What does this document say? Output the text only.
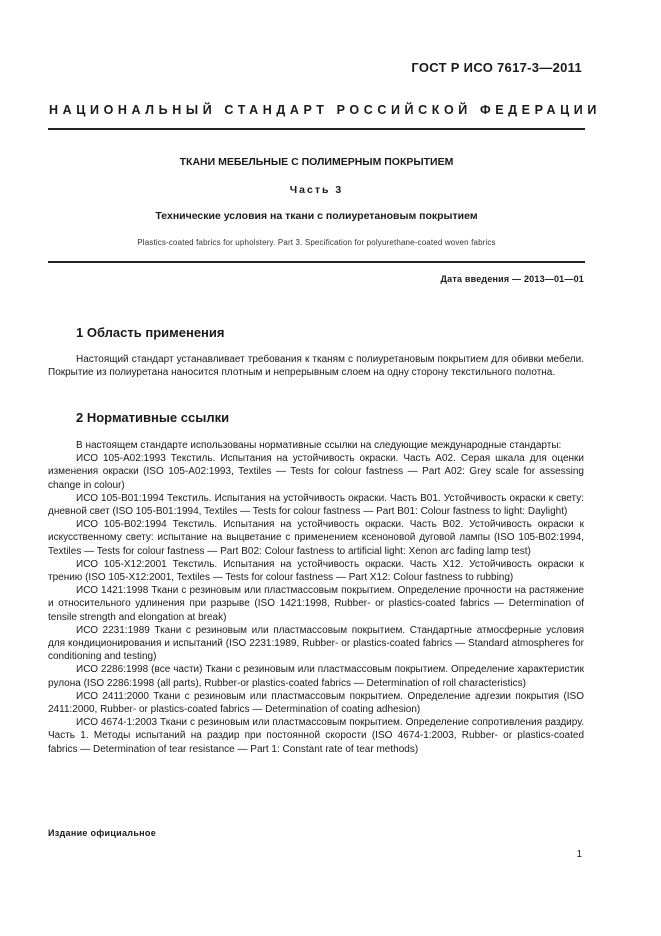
ГОСТ Р ИСО 7617-3—2011
НАЦИОНАЛЬНЫЙ СТАНДАРТ РОССИЙСКОЙ ФЕДЕРАЦИИ
ТКАНИ МЕБЕЛЬНЫЕ С ПОЛИМЕРНЫМ ПОКРЫТИЕМ
Часть 3
Технические условия на ткани с полиуретановым покрытием
Plastics-coated fabrics for upholstery. Part 3. Specification for polyurethane-coated woven fabrics
Дата введения — 2013—01—01
1 Область применения

Настоящий стандарт устанавливает требования к тканям с полиуретановым покрытием для обивки мебели. Покрытие из полиуретана наносится плотным и непрерывным слоем на одну сторону текстильного полотна.

2 Нормативные ссылки

В настоящем стандарте использованы нормативные ссылки на следующие международные стандарты:

ИСО 105-А02:1993 Текстиль. Испытания на устойчивость окраски. Часть А02. Серая шкала для оценки изменения окраски (ISO 105-A02:1993, Textiles — Tests for colour fastness — Part A02: Grey scale for assessing change in colour)

ИСО 105-В01:1994 Текстиль. Испытания на устойчивость окраски. Часть В01. Устойчивость окраски к свету: дневной свет (ISO 105-B01:1994, Textiles — Tests for colour fastness — Part B01: Colour fastness to light: Daylight)

ИСО 105-В02:1994 Текстиль. Испытания на устойчивость окраски. Часть В02. Устойчивость окраски к искусственному свету: испытание на выцветание с применением ксеноновой дуговой лампы (ISO 105-B02:1994, Textiles — Tests for colour fastness — Part B02: Colour fastness to artificial light: Xenon arc fading lamp test)

ИСО 105-X12:2001 Текстиль. Испытания на устойчивость окраски. Часть X12. Устойчивость окраски к трению (ISO 105-X12:2001, Textiles — Tests for colour fastness — Part X12: Colour fastness to rubbing)

ИСО 1421:1998 Ткани с резиновым или пластмассовым покрытием. Определение прочности на растяжение и относительного удлинения при разрыве (ISO 1421:1998, Rubber- or plastics-coated fabrics — Determination of tensile strength and elongation at break)

ИСО 2231:1989 Ткани с резиновым или пластмассовым покрытием. Стандартные атмосферные условия для кондиционирования и испытаний (ISO 2231:1989, Rubber- or plastics-coated fabrics — Standard atmospheres for conditioning and testing)

ИСО 2286:1998 (все части) Ткани с резиновым или пластмассовым покрытием. Определение характеристик рулона (ISO 2286:1998 (all parts), Rubber-or plastics-coated fabrics — Determination of roll characteristics)

ИСО 2411:2000 Ткани с резиновым или пластмассовым покрытием. Определение адгезии покрытия (ISO 2411:2000, Rubber- or plastics-coated fabrics — Determination of coating adhesion)

ИСО 4674-1:2003 Ткани с резиновым или пластмассовым покрытием. Определение сопротивления раздиру. Часть 1. Методы испытаний на раздир при постоянной скорости (ISO 4674-1:2003, Rubber- or plastics-coated fabrics — Determination of tear resistance — Part 1: Constant rate of tear methods)

Издание официальное
1
